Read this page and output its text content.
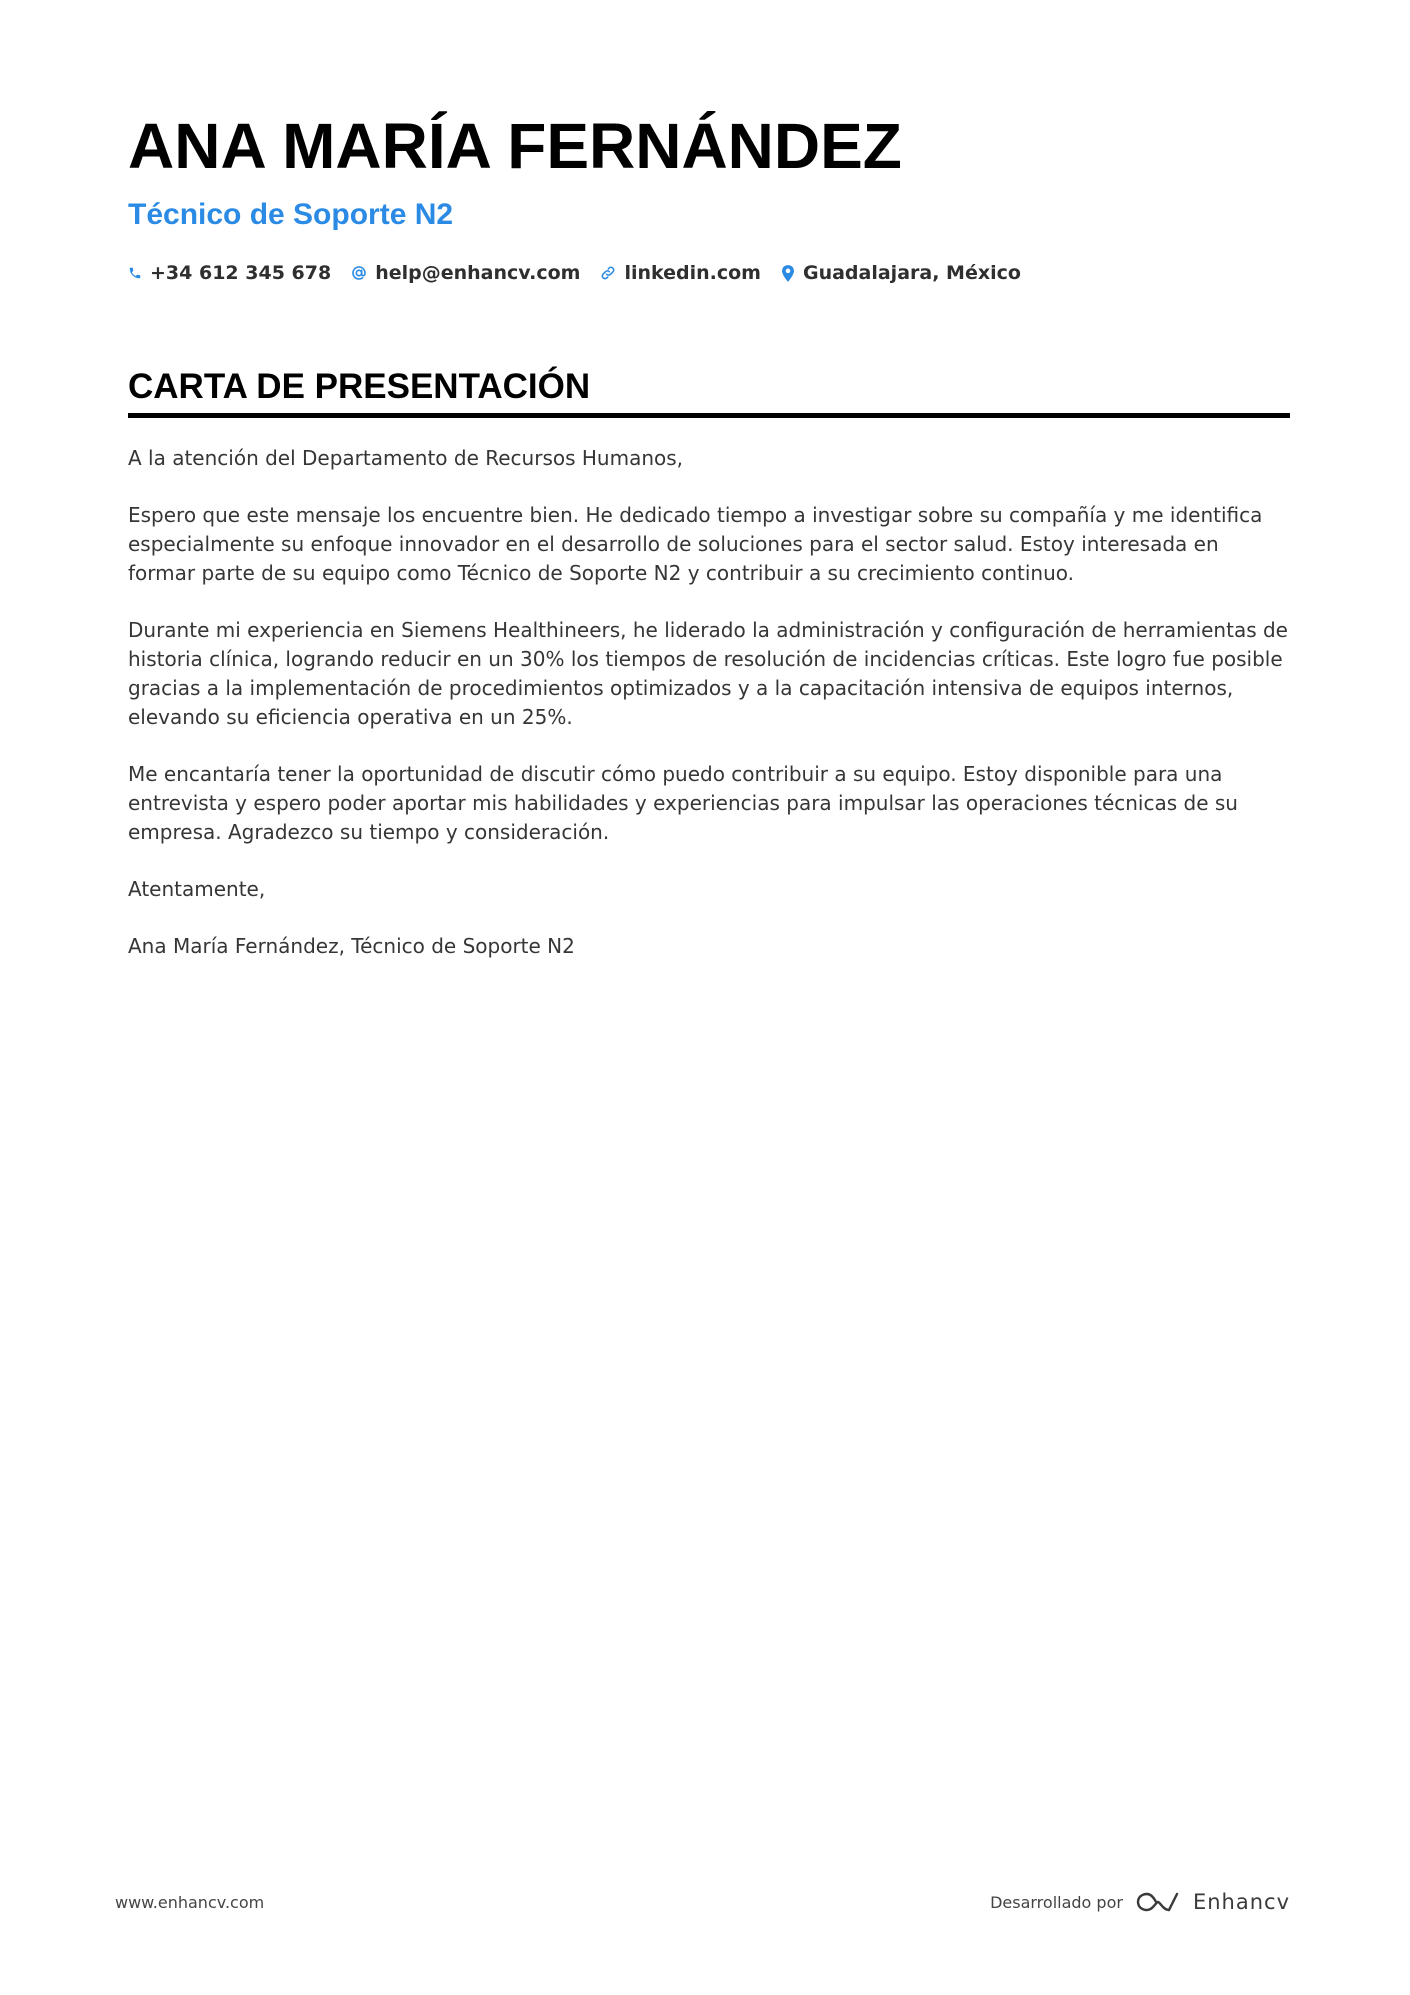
ANA MARÍA FERNÁNDEZ
Técnico de Soporte N2
+34 612 345 678 help@enhancv.com linkedin.com Guadalajara, México
CARTA DE PRESENTACIÓN

A la atención del Departamento de Recursos Humanos,

Espero que este mensaje los encuentre bien. He dedicado tiempo a investigar sobre su compañía y me identifica especialmente su enfoque innovador en el desarrollo de soluciones para el sector salud. Estoy interesada en formar parte de su equipo como Técnico de Soporte N2 y contribuir a su crecimiento continuo.

Durante mi experiencia en Siemens Healthineers, he liderado la administración y configuración de herramientas de historia clínica, logrando reducir en un 30% los tiempos de resolución de incidencias críticas. Este logro fue posible gracias a la implementación de procedimientos optimizados y a la capacitación intensiva de equipos internos, elevando su eficiencia operativa en un 25%.

Me encantaría tener la oportunidad de discutir cómo puedo contribuir a su equipo. Estoy disponible para una entrevista y espero poder aportar mis habilidades y experiencias para impulsar las operaciones técnicas de su empresa. Agradezco su tiempo y consideración.

Atentamente,

Ana María Fernández, Técnico de Soporte N2

www.enhancv.com	Desarrollado por	Enhancv
